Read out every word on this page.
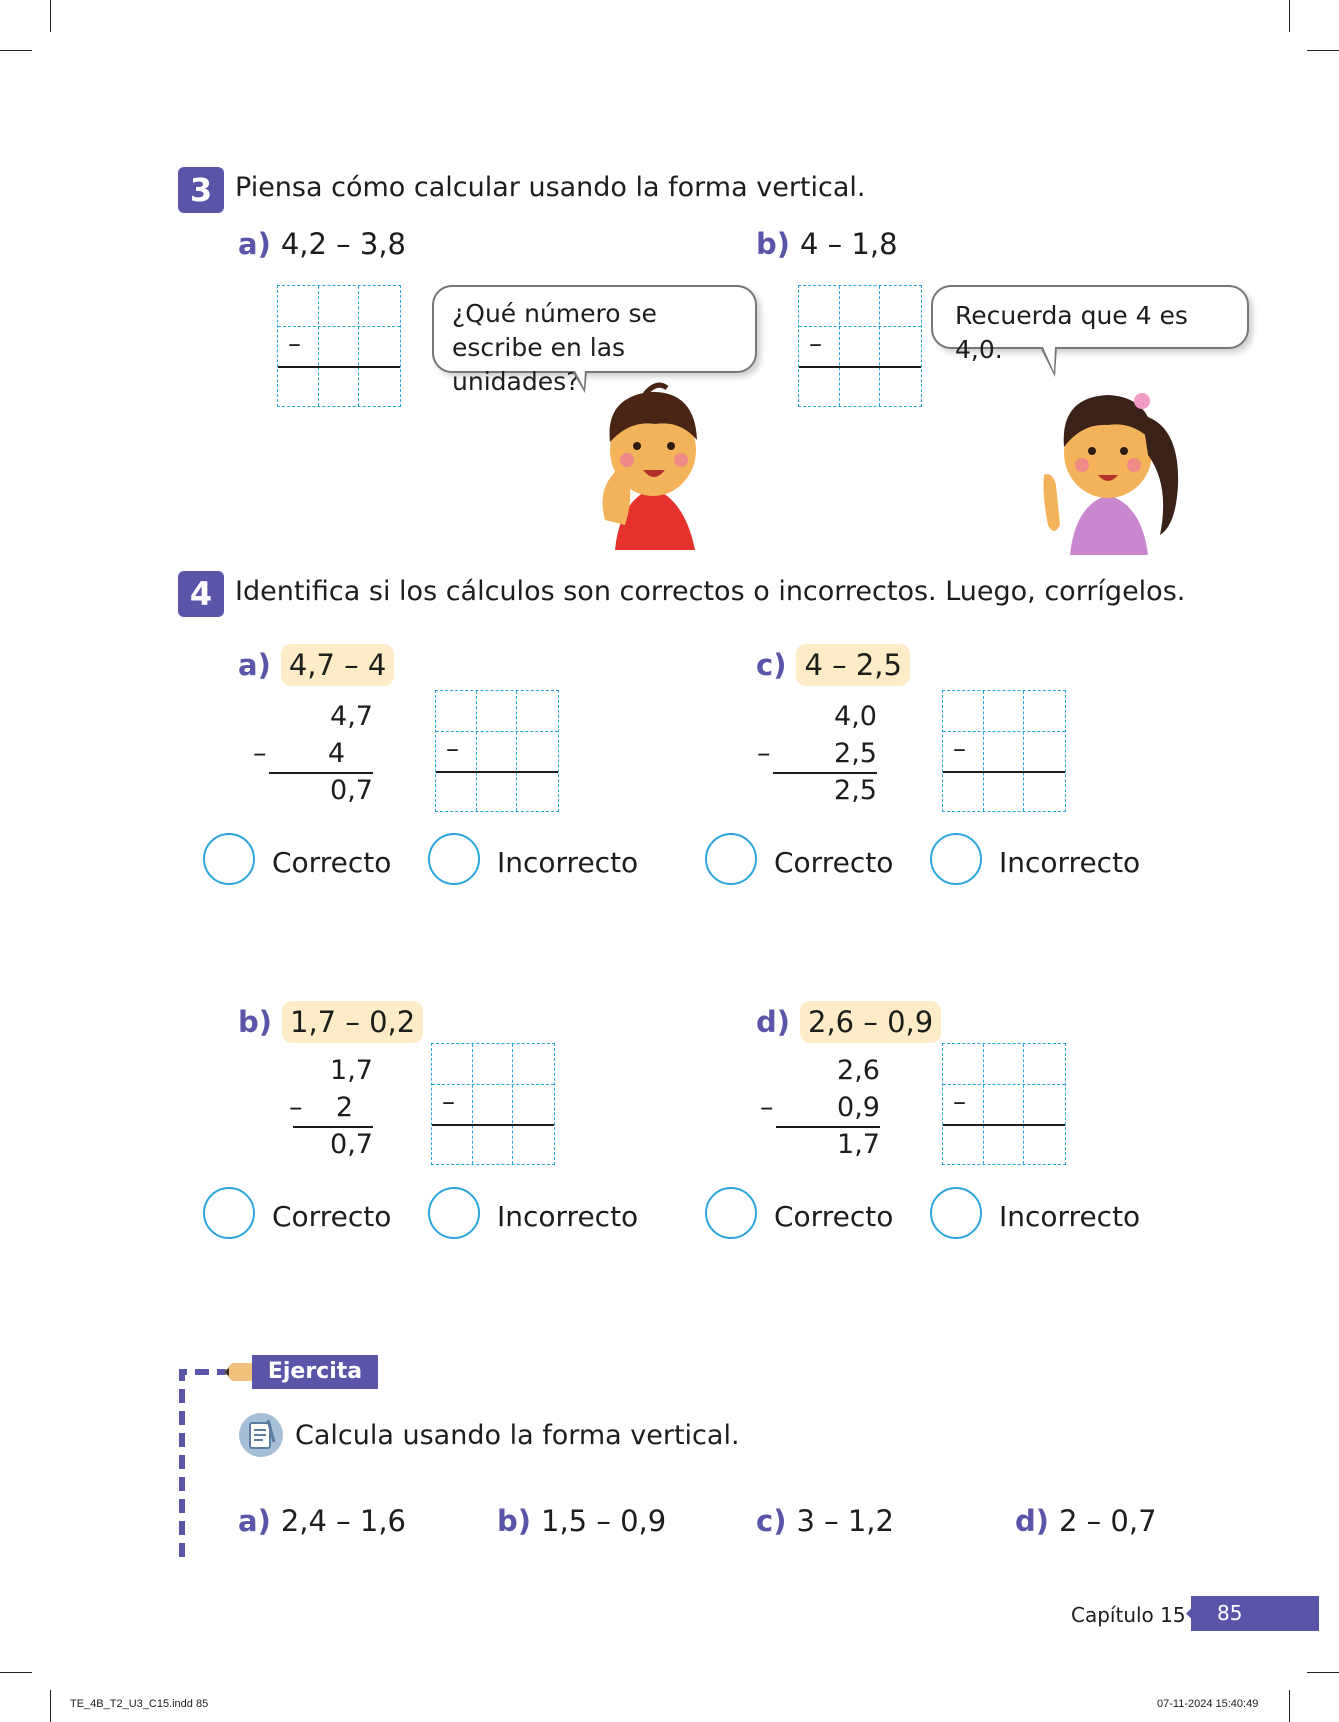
3 Piensa cómo calcular usando la forma vertical.
a) 4,2 – 3,8	b) 4 – 1,8
–
¿Qué número se escribe en las unidades?
–
Recuerda que 4 es 4,0.
4 Identifica si los cálculos son correctos o incorrectos. Luego, corrígelos.
a) 4,7 – 4
4,7
– 4
0,7
–
Correcto	Incorrecto
c) 4 – 2,5
4,0
– 2,5
2,5
–
Correcto	Incorrecto
b) 1,7 – 0,2
1,7
– 2
0,7
–
Correcto	Incorrecto
d) 2,6 – 0,9
2,6
– 0,9
1,7
–
Correcto	Incorrecto
Ejercita
Calcula usando la forma vertical.
a) 2,4 – 1,6	b) 1,5 – 0,9	c) 3 – 1,2	d) 2 – 0,7
Capítulo 15	85
TE_4B_T2_U3_C15.indd 85	07-11-2024 15:40:49
